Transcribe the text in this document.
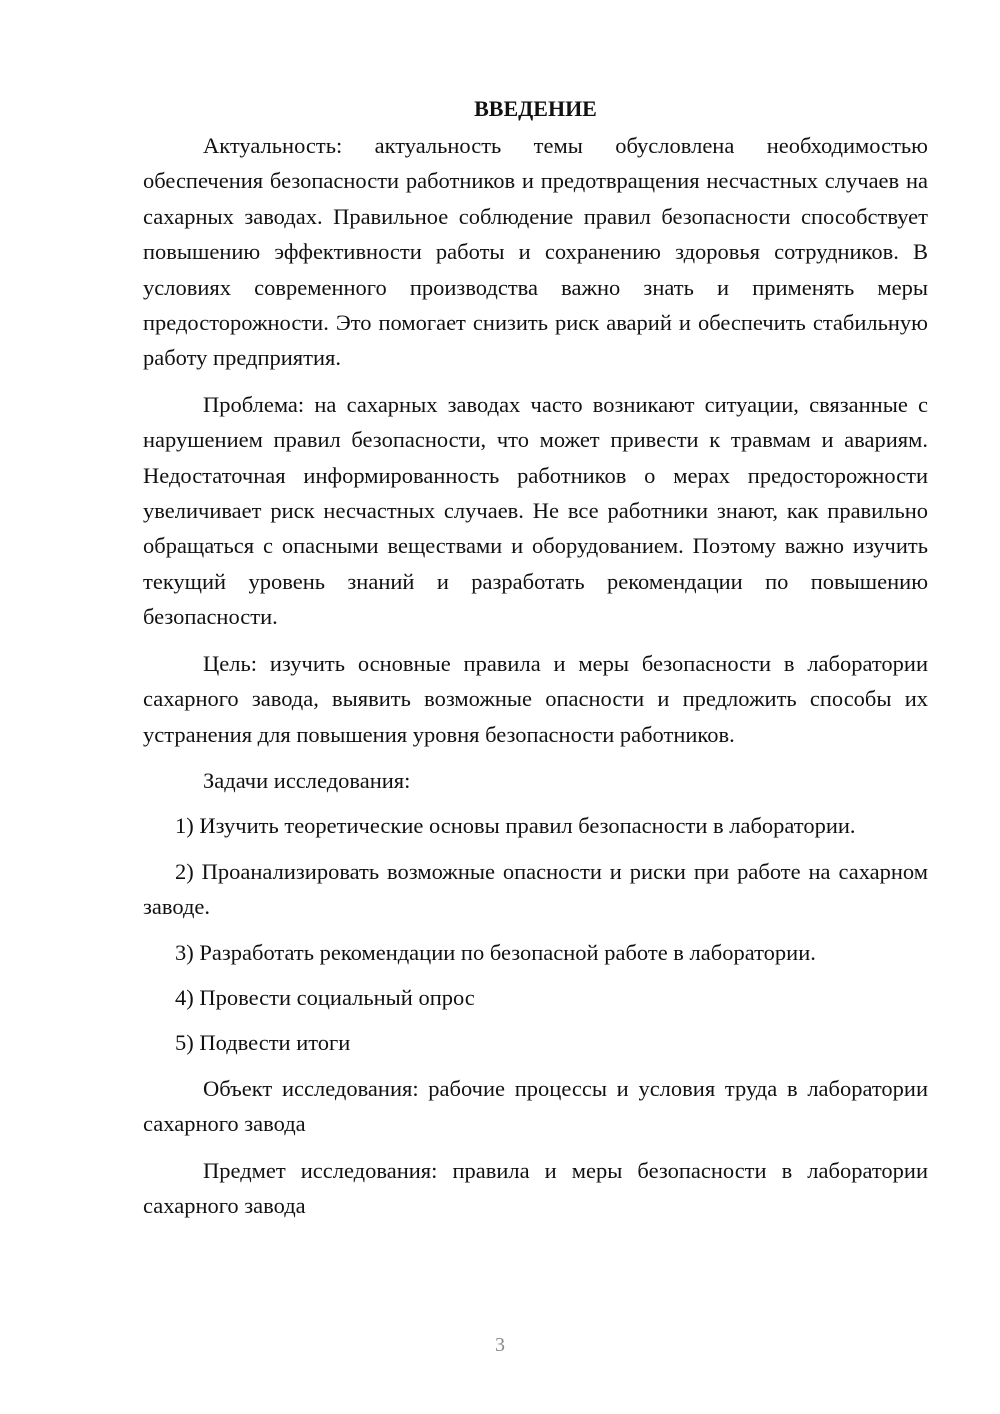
ВВЕДЕНИЕ

Актуальность: актуальность темы обусловлена необходимостью обеспечения безопасности работников и предотвращения несчастных случаев на сахарных заводах. Правильное соблюдение правил безопасности способствует повышению эффективности работы и сохранению здоровья сотрудников. В условиях современного производства важно знать и применять меры предосторожности. Это помогает снизить риск аварий и обеспечить стабильную работу предприятия.

Проблема: на сахарных заводах часто возникают ситуации, связанные с нарушением правил безопасности, что может привести к травмам и авариям. Недостаточная информированность работников о мерах предосторожности увеличивает риск несчастных случаев. Не все работники знают, как правильно обращаться с опасными веществами и оборудованием. Поэтому важно изучить текущий уровень знаний и разработать рекомендации по повышению безопасности.

Цель: изучить основные правила и меры безопасности в лаборатории сахарного завода, выявить возможные опасности и предложить способы их устранения для повышения уровня безопасности работников.

Задачи исследования:

1) Изучить теоретические основы правил безопасности в лаборатории.

2) Проанализировать возможные опасности и риски при работе на сахарном заводе.

3) Разработать рекомендации по безопасной работе в лаборатории.

4) Провести социальный опрос

5) Подвести итоги

Объект исследования: рабочие процессы и условия труда в лаборатории сахарного завода

Предмет исследования: правила и меры безопасности в лаборатории сахарного завода

3
